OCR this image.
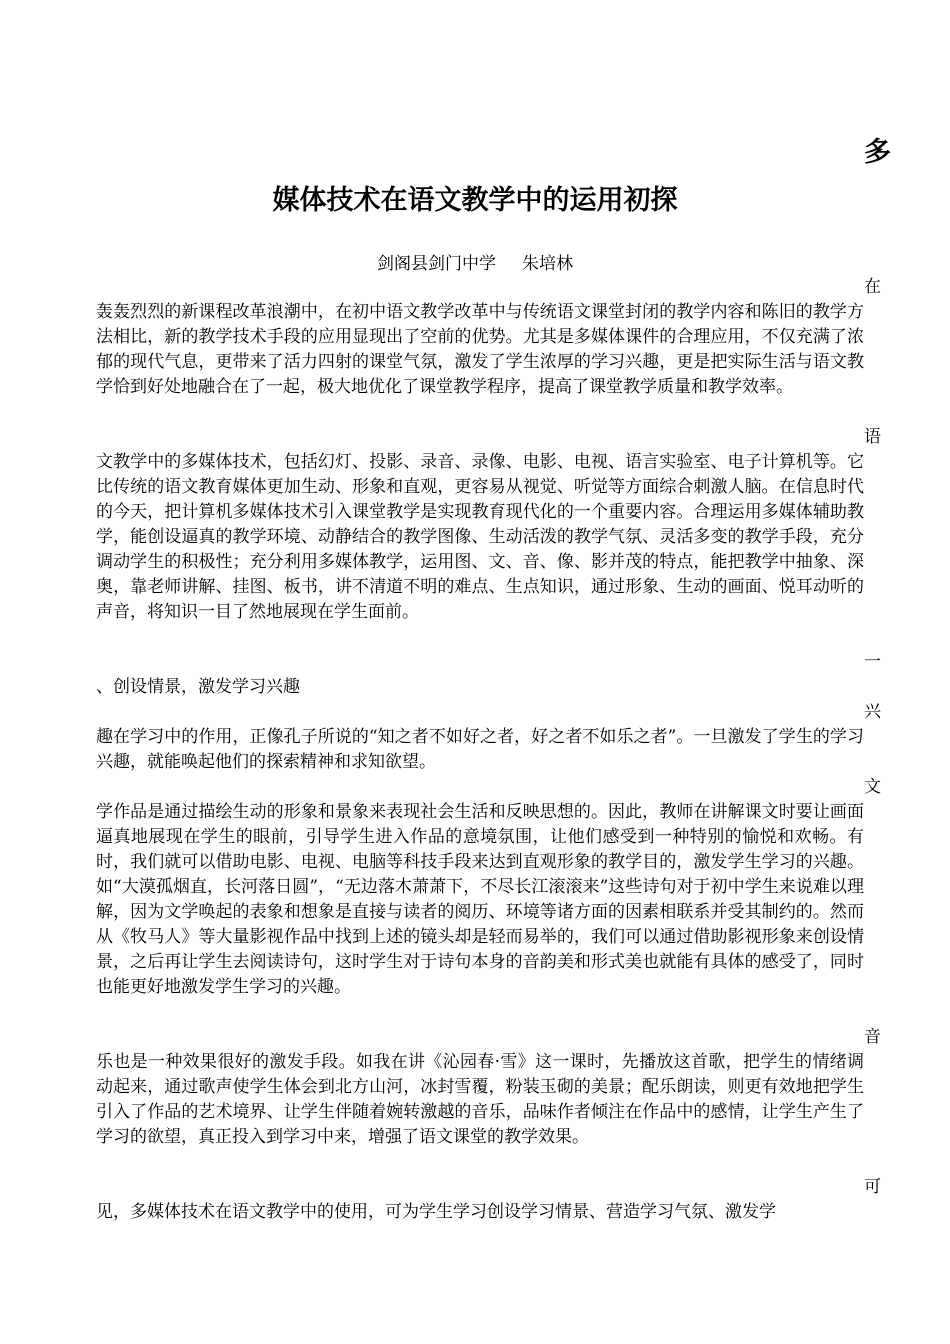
多
媒体技术在语文教学中的运用初探
剑阁县剑门中学 朱培林
在
轰轰烈烈的新课程改革浪潮中，在初中语文教学改革中与传统语文课堂封闭的教学内容和陈旧的教学方法相比，新的教学技术手段的应用显现出了空前的优势。尤其是多媒体课件的合理应用，不仅充满了浓郁的现代气息，更带来了活力四射的课堂气氛，激发了学生浓厚的学习兴趣，更是把实际生活与语文教学恰到好处地融合在了一起，极大地优化了课堂教学程序，提高了课堂教学质量和教学效率。
语
文教学中的多媒体技术，包括幻灯、投影、录音、录像、电影、电视、语言实验室、电子计算机等。它比传统的语文教育媒体更加生动、形象和直观，更容易从视觉、听觉等方面综合刺激人脑。在信息时代的今天，把计算机多媒体技术引入课堂教学是实现教育现代化的一个重要内容。合理运用多媒体辅助教学，能创设逼真的教学环境、动静结合的教学图像、生动活泼的教学气氛、灵活多变的教学手段，充分调动学生的积极性；充分利用多媒体教学，运用图、文、音、像、影并茂的特点，能把教学中抽象、深奥，靠老师讲解、挂图、板书，讲不清道不明的难点、生点知识，通过形象、生动的画面、悦耳动听的声音，将知识一目了然地展现在学生面前。
一
、创设情景，激发学习兴趣
兴
趣在学习中的作用，正像孔子所说的“知之者不如好之者，好之者不如乐之者”。一旦激发了学生的学习兴趣，就能唤起他们的探索精神和求知欲望。
文
学作品是通过描绘生动的形象和景象来表现社会生活和反映思想的。因此，教师在讲解课文时要让画面逼真地展现在学生的眼前，引导学生进入作品的意境氛围，让他们感受到一种特别的愉悦和欢畅。有时，我们就可以借助电影、电视、电脑等科技手段来达到直观形象的教学目的，激发学生学习的兴趣。如“大漠孤烟直，长河落日圆”，“无边落木萧萧下，不尽长江滚滚来”这些诗句对于初中学生来说难以理解，因为文学唤起的表象和想象是直接与读者的阅历、环境等诸方面的因素相联系并受其制约的。然而从《牧马人》等大量影视作品中找到上述的镜头却是轻而易举的，我们可以通过借助影视形象来创设情景，之后再让学生去阅读诗句，这时学生对于诗句本身的音韵美和形式美也就能有具体的感受了，同时也能更好地激发学生学习的兴趣。
音
乐也是一种效果很好的激发手段。如我在讲《沁园春·雪》这一课时，先播放这首歌，把学生的情绪调动起来，通过歌声使学生体会到北方山河，冰封雪覆，粉装玉砌的美景；配乐朗读，则更有效地把学生引入了作品的艺术境界、让学生伴随着婉转激越的音乐，品味作者倾注在作品中的感情，让学生产生了学习的欲望，真正投入到学习中来，增强了语文课堂的教学效果。
可
见，多媒体技术在语文教学中的使用，可为学生学习创设学习情景、营造学习气氛、激发学
